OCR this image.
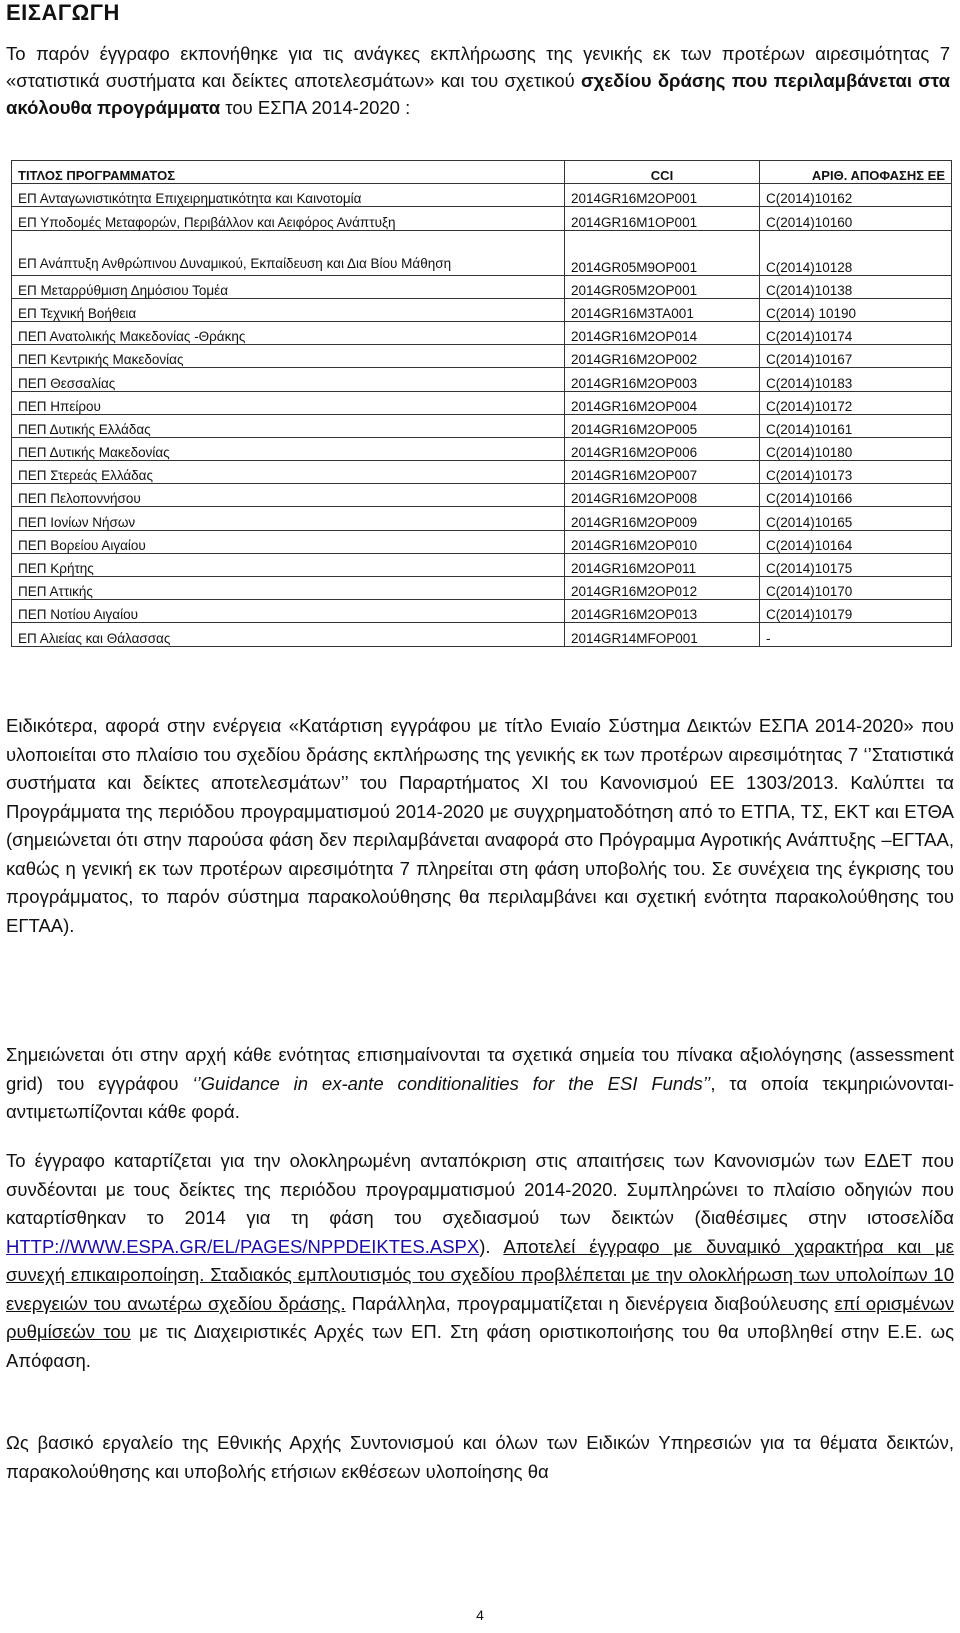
ΕΙΣΑΓΩΓΗ
Το παρόν έγγραφο εκπονήθηκε για τις ανάγκες εκπλήρωσης της γενικής εκ των προτέρων αιρεσιμότητας 7 «στατιστικά συστήματα και δείκτες αποτελεσμάτων» και του σχετικού σχεδίου δράσης που περιλαμβάνεται στα ακόλουθα προγράμματα του ΕΣΠΑ 2014-2020 :
ΤΙΤΛΟΣ ΠΡΟΓΡΑΜΜΑΤΟΣ	CCI	ΑΡΙΘ. ΑΠΟΦΑΣΗΣ ΕΕ
ΕΠ Ανταγωνιστικότητα Επιχειρηματικότητα και Καινοτομία	2014GR16M2OP001	C(2014)10162
ΕΠ Υποδομές Μεταφορών, Περιβάλλον και Αειφόρος Ανάπτυξη	2014GR16M1OP001	C(2014)10160
ΕΠ Ανάπτυξη Ανθρώπινου Δυναμικού, Εκπαίδευση και Δια Βίου Μάθηση	2014GR05M9OP001	C(2014)10128
ΕΠ Μεταρρύθμιση Δημόσιου Τομέα	2014GR05M2OP001	C(2014)10138
ΕΠ Τεχνική Βοήθεια	2014GR16M3TA001	C(2014) 10190
ΠΕΠ Ανατολικής Μακεδονίας -Θράκης	2014GR16M2OP014	C(2014)10174
ΠΕΠ Κεντρικής Μακεδονίας	2014GR16M2OP002	C(2014)10167
ΠΕΠ Θεσσαλίας	2014GR16M2OP003	C(2014)10183
ΠΕΠ Ηπείρου	2014GR16M2OP004	C(2014)10172
ΠΕΠ Δυτικής Ελλάδας	2014GR16M2OP005	C(2014)10161
ΠΕΠ Δυτικής Μακεδονίας	2014GR16M2OP006	C(2014)10180
ΠΕΠ Στερεάς Ελλάδας	2014GR16M2OP007	C(2014)10173
ΠΕΠ Πελοποννήσου	2014GR16M2OP008	C(2014)10166
ΠΕΠ Ιονίων Νήσων	2014GR16M2OP009	C(2014)10165
ΠΕΠ Βορείου Αιγαίου	2014GR16M2OP010	C(2014)10164
ΠΕΠ Κρήτης	2014GR16M2OP011	C(2014)10175
ΠΕΠ Αττικής	2014GR16M2OP012	C(2014)10170
ΠΕΠ Νοτίου Αιγαίου	2014GR16M2OP013	C(2014)10179
ΕΠ Αλιείας και Θάλασσας	2014GR14MFOP001	-
Ειδικότερα, αφορά στην ενέργεια «Κατάρτιση εγγράφου με τίτλο Ενιαίο Σύστημα Δεικτών ΕΣΠΑ 2014-2020» που υλοποιείται στο πλαίσιο του σχεδίου δράσης εκπλήρωσης της γενικής εκ των προτέρων αιρεσιμότητας 7 ‘’Στατιστικά συστήματα και δείκτες αποτελεσμάτων’’ του Παραρτήματος ΧΙ του Κανονισμού ΕΕ 1303/2013. Καλύπτει τα Προγράμματα της περιόδου προγραμματισμού 2014-2020 με συγχρηματοδότηση από το ΕΤΠΑ, ΤΣ, ΕΚΤ και ΕΤΘΑ (σημειώνεται ότι στην παρούσα φάση δεν περιλαμβάνεται αναφορά στο Πρόγραμμα Αγροτικής Ανάπτυξης –ΕΓΤΑΑ, καθώς η γενική εκ των προτέρων αιρεσιμότητα 7 πληρείται στη φάση υποβολής του. Σε συνέχεια της έγκρισης του προγράμματος, το παρόν σύστημα παρακολούθησης θα περιλαμβάνει και σχετική ενότητα παρακολούθησης του ΕΓΤΑΑ).
Σημειώνεται ότι στην αρχή κάθε ενότητας επισημαίνονται τα σχετικά σημεία του πίνακα αξιολόγησης (assessment grid) του εγγράφου ‘’Guidance in ex-ante conditionalities for the ESI Funds’’, τα οποία τεκμηριώνονται-αντιμετωπίζονται κάθε φορά.
Το έγγραφο καταρτίζεται για την ολοκληρωμένη ανταπόκριση στις απαιτήσεις των Κανονισμών των ΕΔΕΤ που συνδέονται με τους δείκτες της περιόδου προγραμματισμού 2014-2020. Συμπληρώνει το πλαίσιο οδηγιών που καταρτίσθηκαν το 2014 για τη φάση του σχεδιασμού των δεικτών (διαθέσιμες στην ιστοσελίδα HTTP://WWW.ESPA.GR/EL/PAGES/NPPDEIKTES.ASPX). Αποτελεί έγγραφο με δυναμικό χαρακτήρα και με συνεχή επικαιροποίηση. Σταδιακός εμπλουτισμός του σχεδίου προβλέπεται με την ολοκλήρωση των υπολοίπων 10 ενεργειών του ανωτέρω σχεδίου δράσης. Παράλληλα, προγραμματίζεται η διενέργεια διαβούλευσης επί ορισμένων ρυθμίσεών του με τις Διαχειριστικές Αρχές των ΕΠ. Στη φάση οριστικοποιήσης του θα υποβληθεί στην Ε.Ε. ως Απόφαση.
Ως βασικό εργαλείο της Εθνικής Αρχής Συντονισμού και όλων των Ειδικών Υπηρεσιών για τα θέματα δεικτών, παρακολούθησης και υποβολής ετήσιων εκθέσεων υλοποίησης θα
4
